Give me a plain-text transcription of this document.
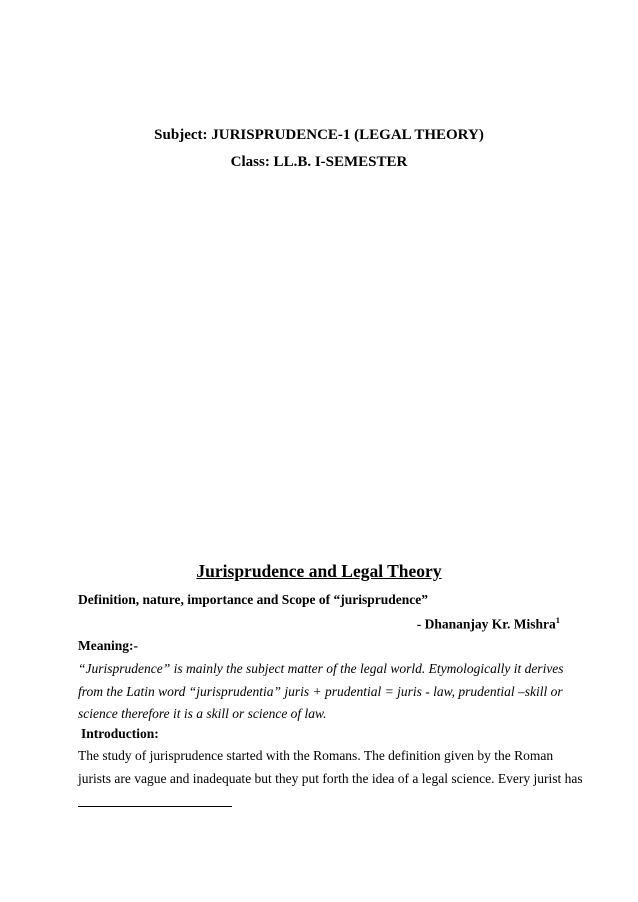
Subject: JURISPRUDENCE-1 (LEGAL THEORY)
Class: LL.B. I-SEMESTER
Jurisprudence and Legal Theory
Definition, nature, importance and Scope of “jurisprudence”
- Dhananjay Kr. Mishra$^1$
Meaning:-
“Jurisprudence” is mainly the subject matter of the legal world. Etymologically it derives
from the Latin word “jurisprudentia” juris + prudential = juris - law, prudential –skill or
science therefore it is a skill or science of law.
Introduction:
The study of jurisprudence started with the Romans. The definition given by the Roman
jurists are vague and inadequate but they put forth the idea of a legal science. Every jurist has
